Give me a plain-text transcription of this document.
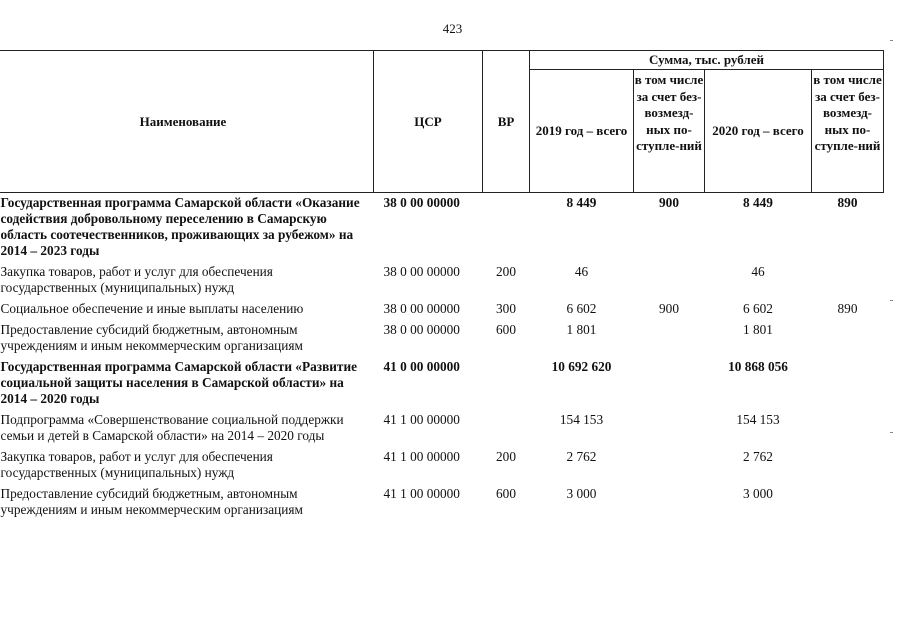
423
Наименование	ЦСР	ВР	Сумма, тыс. рублей			
			2019 год – всего	в том числе за счет без-возмезд-ных по-ступле-ний	2020 год – всего	в том числе за счет без-возмезд-ных по-ступле-ний
Государственная программа Самарской области «Оказание содействия добровольному переселению в Самарскую область соотечественников, проживающих за рубежом» на 2014 – 2023 годы	38 0 00 00000		8 449	900	8 449	890
Закупка товаров, работ и услуг для обеспечения государственных (муниципальных) нужд	38 0 00 00000	200	46		46	
Социальное обеспечение и иные выплаты населению	38 0 00 00000	300	6 602	900	6 602	890
Предоставление субсидий бюджетным, автономным учреждениям и иным некоммерческим организациям	38 0 00 00000	600	1 801		1 801	
Государственная программа Самарской области «Развитие социальной защиты населения в Самарской области» на 2014 – 2020 годы	41 0 00 00000		10 692 620		10 868 056	
Подпрограмма «Совершенствование социальной поддержки семьи и детей в Самарской области» на 2014 – 2020 годы	41 1 00 00000		154 153		154 153	
Закупка товаров, работ и услуг для обеспечения государственных (муниципальных) нужд	41 1 00 00000	200	2 762		2 762	
Предоставление субсидий бюджетным, автономным учреждениям и иным некоммерческим организациям	41 1 00 00000	600	3 000		3 000	
